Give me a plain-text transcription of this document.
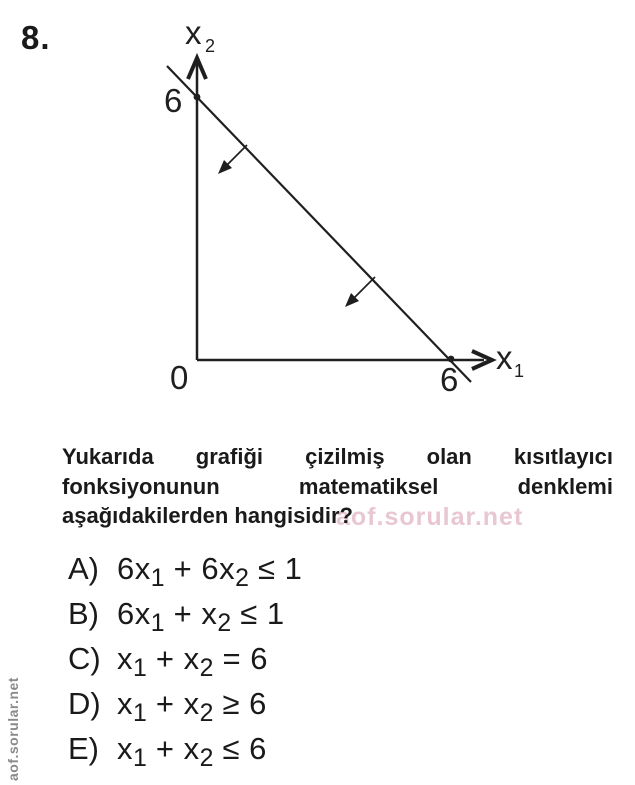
8.	x 2
6
0	6
x 1
aof.sorular.net
aof.sorular.net
Yukarıda grafiği çizilmiş olan kısıtlayıcı
fonksiyonunun	matematiksel	denklemi
aşağıdakilerden hangisidir?
A) $6x_1 + 6x_2 \le 1$
B) $6x_1 + x_2 \le 1$
C) $x_1 + x_2 = 6$
D) $x_1 + x_2 \ge 6$
E) $x_1 + x_2 \le 6$
